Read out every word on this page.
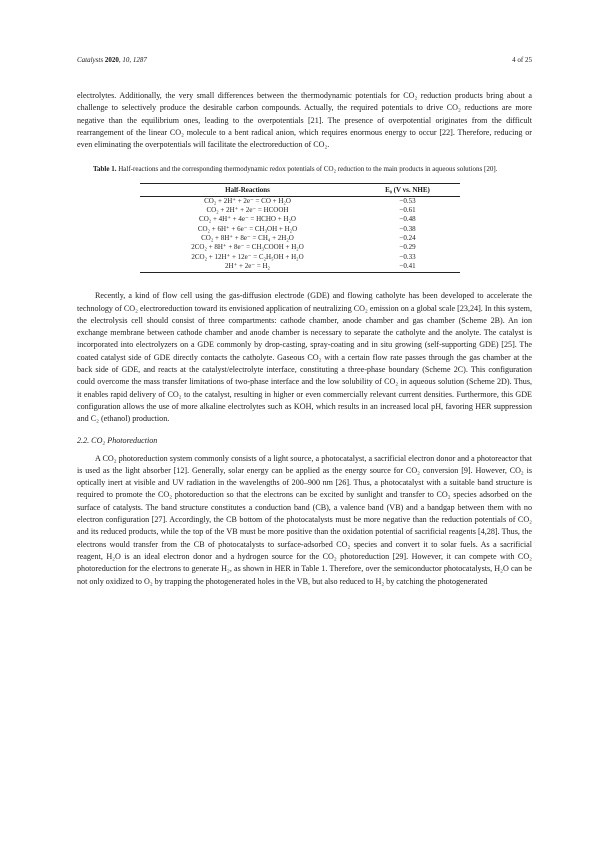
Catalysts 2020, 10, 1287	4 of 25

electrolytes. Additionally, the very small differences between the thermodynamic potentials for CO₂ reduction products bring about a challenge to selectively produce the desirable carbon compounds. Actually, the required potentials to drive CO₂ reductions are more negative than the equilibrium ones, leading to the overpotentials [21]. The presence of overpotential originates from the difficult rearrangement of the linear CO₂ molecule to a bent radical anion, which requires enormous energy to occur [22]. Therefore, reducing or even eliminating the overpotentials will facilitate the electroreduction of CO₂.

Table 1. Half-reactions and the corresponding thermodynamic redox potentials of CO₂ reduction to the main products in aqueous solutions [20].
Half-Reactions	E₀ (V vs. NHE)
CO₂ + 2H⁺ + 2e⁻ = CO + H₂O	−0.53
CO₂ + 2H⁺ + 2e⁻ = HCOOH	−0.61
CO₂ + 4H⁺ + 4e⁻ = HCHO + H₂O	−0.48
CO₂ + 6H⁺ + 6e⁻ = CH₃OH + H₂O	−0.38
CO₂ + 8H⁺ + 8e⁻ = CH₄ + 2H₂O	−0.24
2CO₂ + 8H⁺ + 8e⁻ = CH₃COOH + H₂O	−0.29
2CO₂ + 12H⁺ + 12e⁻ = C₂H₅OH + H₂O	−0.33
2H⁺ + 2e⁻ = H₂	−0.41

Recently, a kind of flow cell using the gas-diffusion electrode (GDE) and flowing catholyte has been developed to accelerate the technology of CO₂ electroreduction toward its envisioned application of neutralizing CO₂ emission on a global scale [23,24]. In this system, the electrolysis cell should consist of three compartments: cathode chamber, anode chamber and gas chamber (Scheme 2B). An ion exchange membrane between cathode chamber and anode chamber is necessary to separate the catholyte and the anolyte. The catalyst is incorporated into electrolyzers on a GDE commonly by drop-casting, spray-coating and in situ growing (self-supporting GDE) [25]. The coated catalyst side of GDE directly contacts the catholyte. Gaseous CO₂ with a certain flow rate passes through the gas chamber at the back side of GDE, and reacts at the catalyst/electrolyte interface, constituting a three-phase boundary (Scheme 2C). This configuration could overcome the mass transfer limitations of two-phase interface and the low solubility of CO₂ in aqueous solution (Scheme 2D). Thus, it enables rapid delivery of CO₂ to the catalyst, resulting in higher or even commercially relevant current densities. Furthermore, this GDE configuration allows the use of more alkaline electrolytes such as KOH, which results in an increased local pH, favoring HER suppression and C₂ (ethanol) production.

2.2. CO₂ Photoreduction

A CO₂ photoreduction system commonly consists of a light source, a photocatalyst, a sacrificial electron donor and a photoreactor that is used as the light absorber [12]. Generally, solar energy can be applied as the energy source for CO₂ conversion [9]. However, CO₂ is optically inert at visible and UV radiation in the wavelengths of 200–900 nm [26]. Thus, a photocatalyst with a suitable band structure is required to promote the CO₂ photoreduction so that the electrons can be excited by sunlight and transfer to CO₂ species adsorbed on the surface of catalysts. The band structure constitutes a conduction band (CB), a valence band (VB) and a bandgap between them with no electron configuration [27]. Accordingly, the CB bottom of the photocatalysts must be more negative than the reduction potentials of CO₂ and its reduced products, while the top of the VB must be more positive than the oxidation potential of sacrificial reagents [4,28]. Thus, the electrons would transfer from the CB of photocatalysts to surface-adsorbed CO₂ species and convert it to solar fuels. As a sacrificial reagent, H₂O is an ideal electron donor and a hydrogen source for the CO₂ photoreduction [29]. However, it can compete with CO₂ photoreduction for the electrons to generate H₂, as shown in HER in Table 1. Therefore, over the semiconductor photocatalysts, H₂O can be not only oxidized to O₂ by trapping the photogenerated holes in the VB, but also reduced to H₂ by catching the photogenerated
